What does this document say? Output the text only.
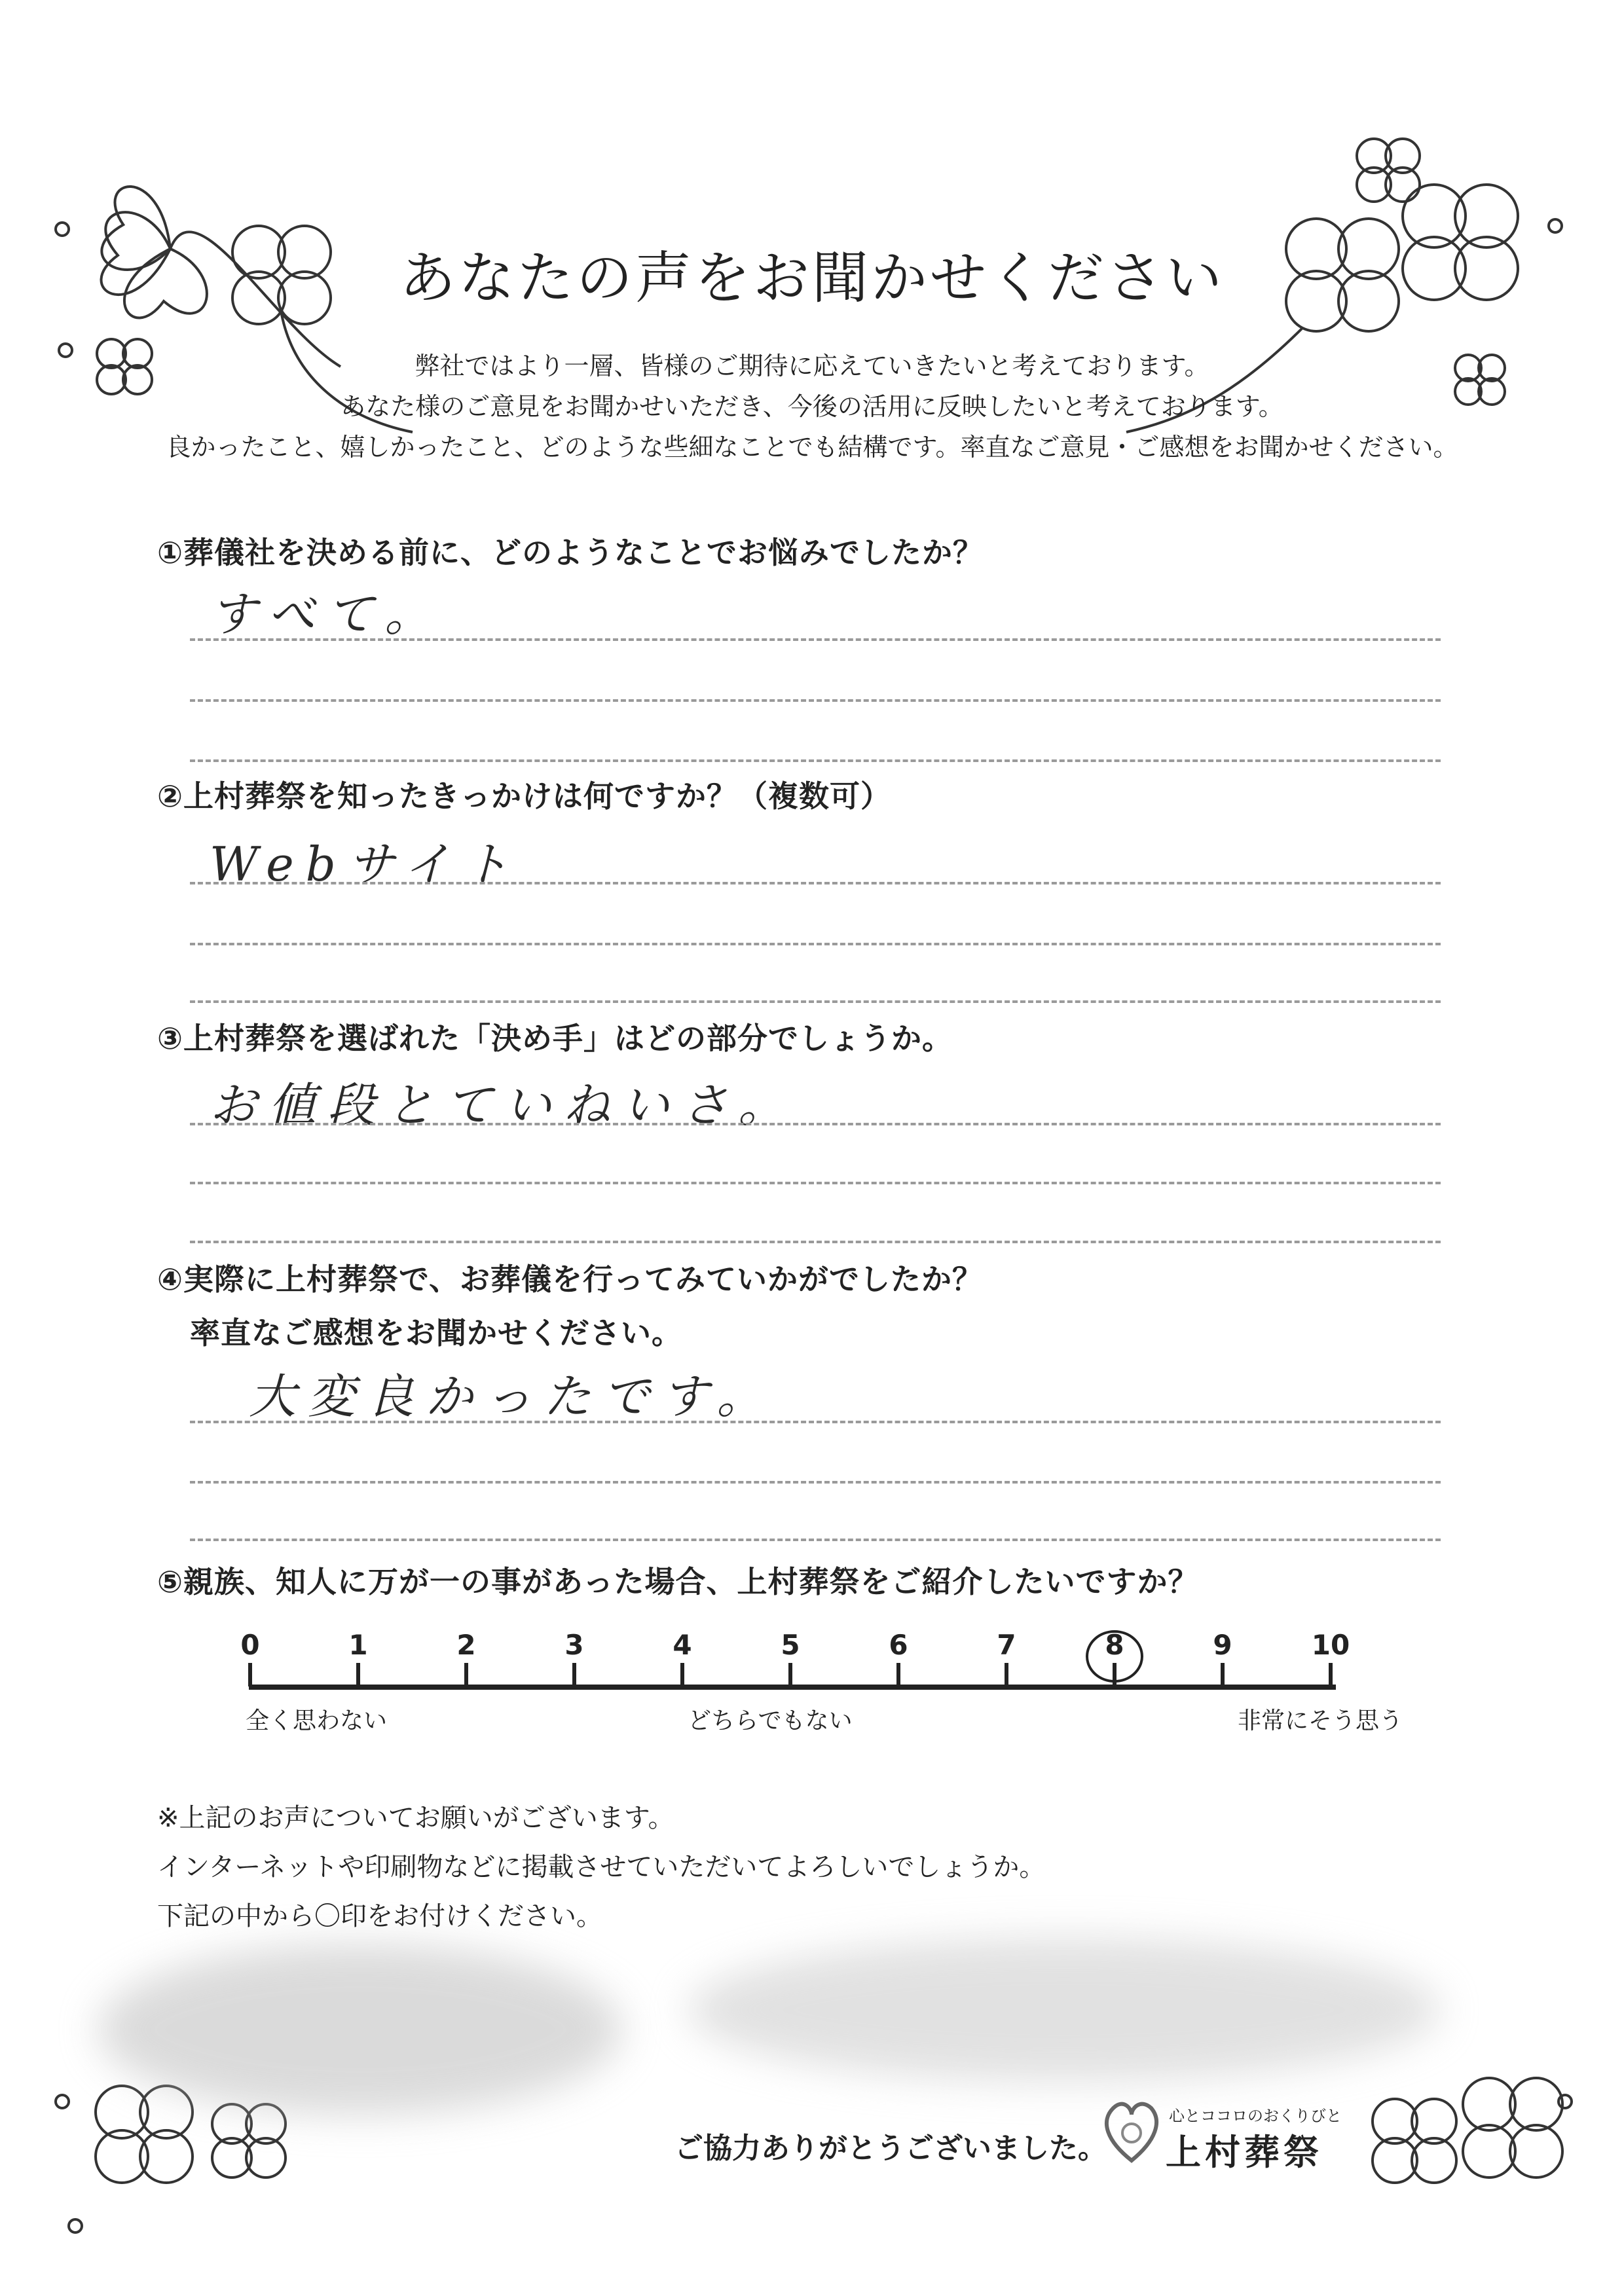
あなたの声をお聞かせください
弊社ではより一層、皆様のご期待に応えていきたいと考えております。
あなた様のご意見をお聞かせいただき、今後の活用に反映したいと考えております。
良かったこと、嬉しかったこと、どのような些細なことでも結構です。率直なご意見・ご感想をお聞かせください。
①葬儀社を決める前に、どのようなことでお悩みでしたか？
すべて。
②上村葬祭を知ったきっかけは何ですか？（複数可）
Webサイト
③上村葬祭を選ばれた「決め手」はどの部分でしょうか。
お値段とていねいさ。
④実際に上村葬祭で、お葬儀を行ってみていかがでしたか？
率直なご感想をお聞かせください。
大変良かったです。
⑤親族、知人に万が一の事があった場合、上村葬祭をご紹介したいですか？
0	1	2	3	4	5	6	7	8	9	10
全く思わない	どちらでもない	非常にそう思う
※上記のお声についてお願いがございます。
インターネットや印刷物などに掲載させていただいてよろしいでしょうか。
下記の中から〇印をお付けください。
ご協力ありがとうございました。
心とココロのおくりびと
上村葬祭
